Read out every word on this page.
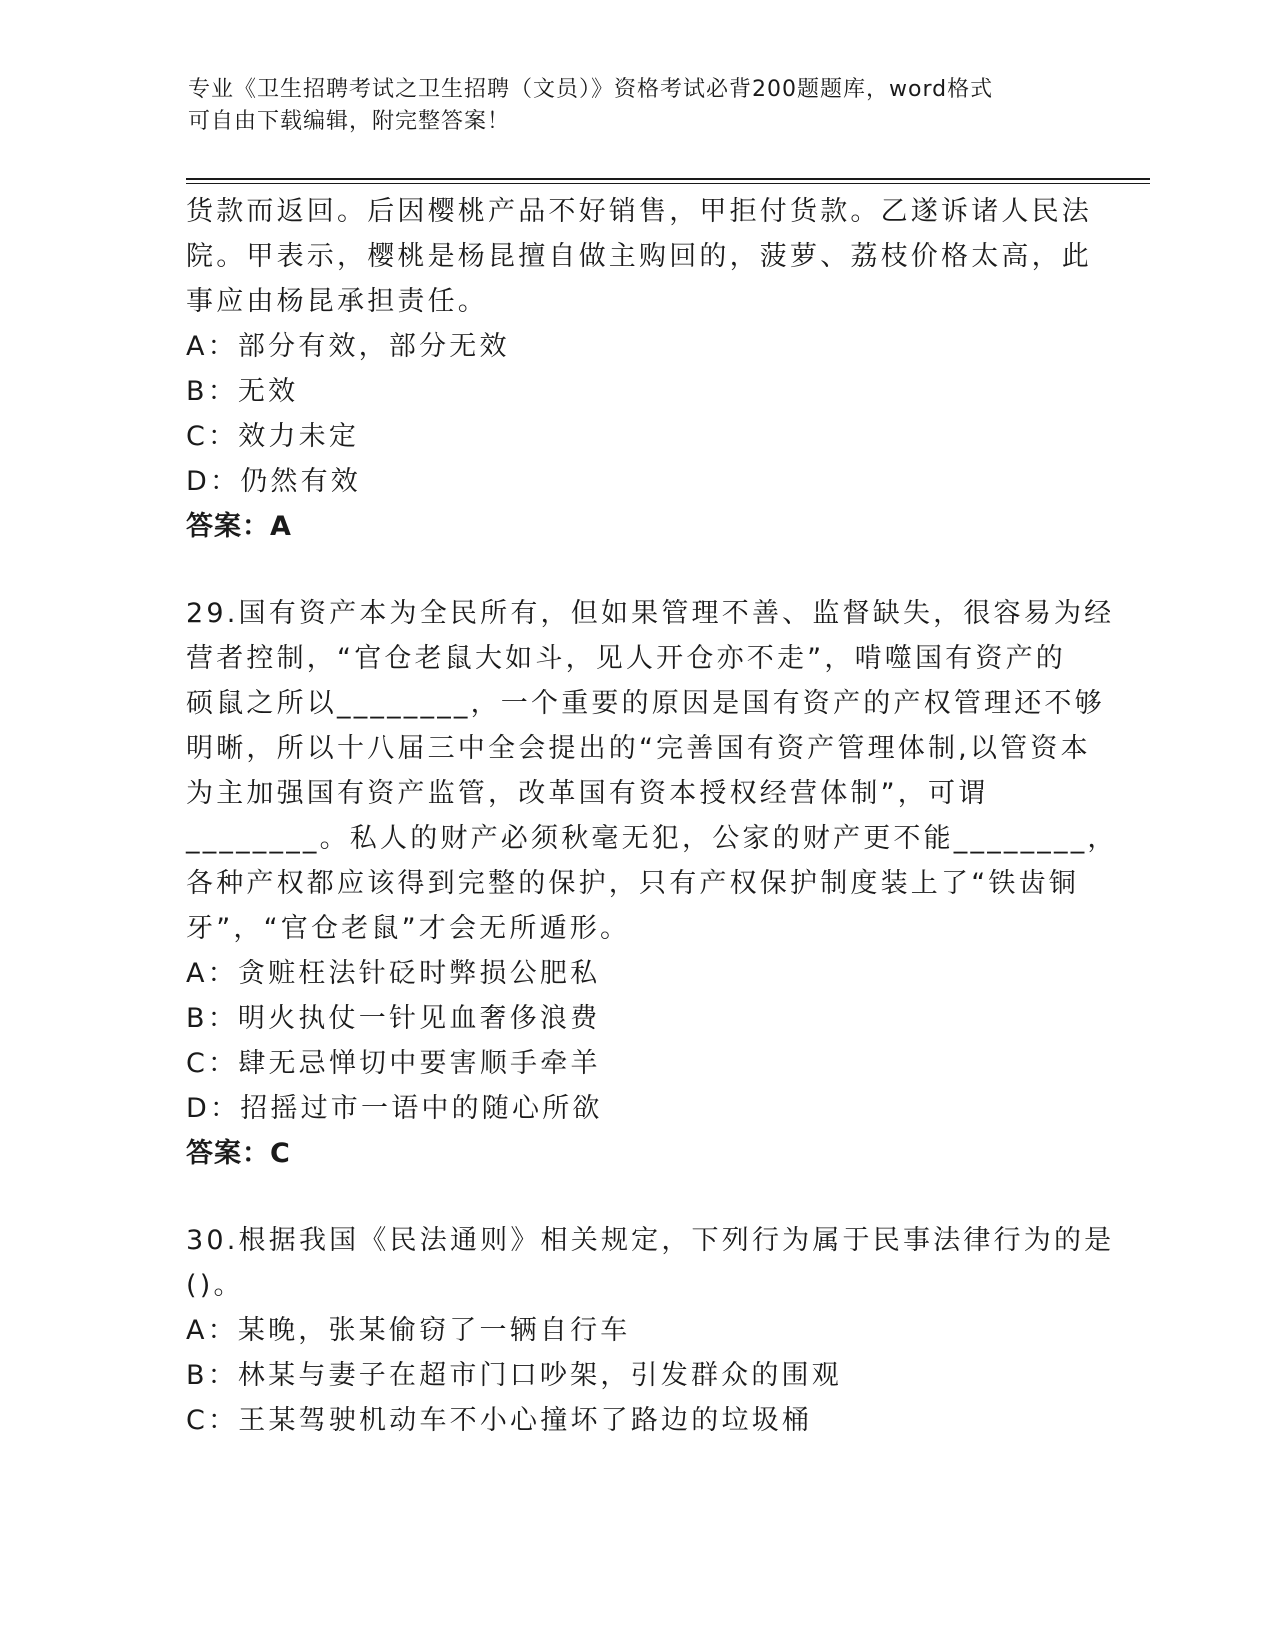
专业《卫生招聘考试之卫生招聘（文员）》资格考试必背200题题库，word格式
可自由下载编辑，附完整答案！
货款而返回。后因樱桃产品不好销售，甲拒付货款。乙遂诉诸人民法
院。甲表示，樱桃是杨昆擅自做主购回的，菠萝、荔枝价格太高，此
事应由杨昆承担责任。
A：部分有效，部分无效
B：无效
C：效力未定
D：仍然有效
答案：A
29.国有资产本为全民所有，但如果管理不善、监督缺失，很容易为经
营者控制，“官仓老鼠大如斗，见人开仓亦不走”，啃噬国有资产的
硕鼠之所以________，一个重要的原因是国有资产的产权管理还不够
明晰，所以十八届三中全会提出的“完善国有资产管理体制,以管资本
为主加强国有资产监管，改革国有资本授权经营体制”，可谓
________。私人的财产必须秋毫无犯，公家的财产更不能________，
各种产权都应该得到完整的保护，只有产权保护制度装上了“铁齿铜
牙”，“官仓老鼠”才会无所遁形。
A：贪赃枉法针砭时弊损公肥私
B：明火执仗一针见血奢侈浪费
C：肆无忌惮切中要害顺手牵羊
D：招摇过市一语中的随心所欲
答案：C
30.根据我国《民法通则》相关规定，下列行为属于民事法律行为的是
()。
A：某晚，张某偷窃了一辆自行车
B：林某与妻子在超市门口吵架，引发群众的围观
C：王某驾驶机动车不小心撞坏了路边的垃圾桶
